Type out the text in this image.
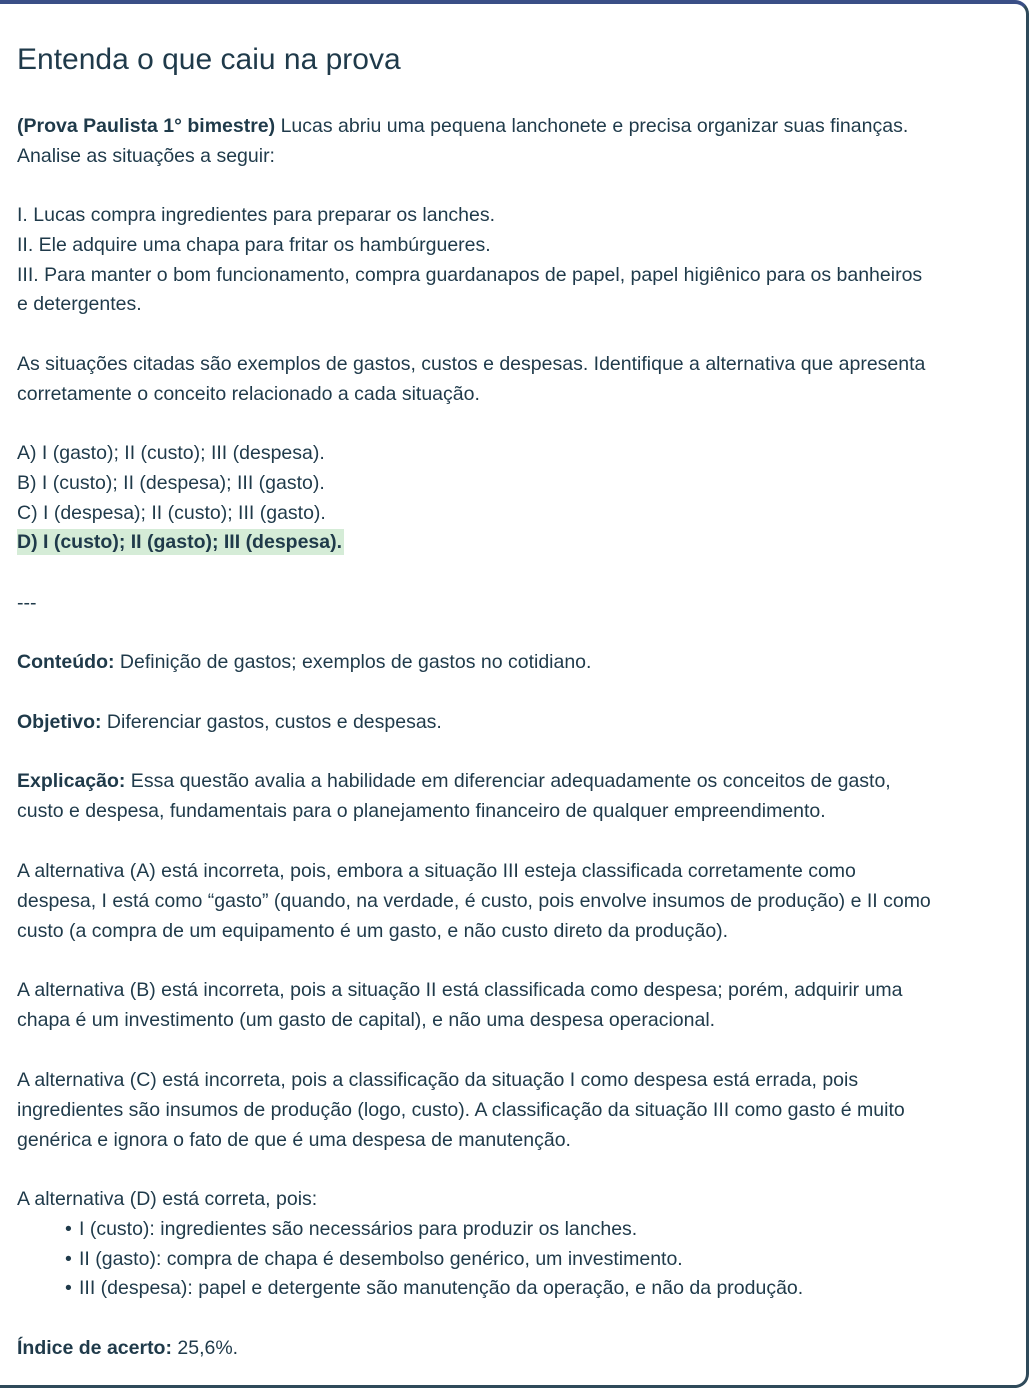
Entenda o que caiu na prova
(Prova Paulista 1° bimestre) Lucas abriu uma pequena lanchonete e precisa organizar suas finanças.
Analise as situações a seguir:
I. Lucas compra ingredientes para preparar os lanches.
II. Ele adquire uma chapa para fritar os hambúrgueres.
III. Para manter o bom funcionamento, compra guardanapos de papel, papel higiênico para os banheiros
e detergentes.
As situações citadas são exemplos de gastos, custos e despesas. Identifique a alternativa que apresenta
corretamente o conceito relacionado a cada situação.
A) I (gasto); II (custo); III (despesa).
B) I (custo); II (despesa); III (gasto).
C) I (despesa); II (custo); III (gasto).
D) I (custo); II (gasto); III (despesa).
---
Conteúdo: Definição de gastos; exemplos de gastos no cotidiano.
Objetivo: Diferenciar gastos, custos e despesas.
Explicação: Essa questão avalia a habilidade em diferenciar adequadamente os conceitos de gasto,
custo e despesa, fundamentais para o planejamento financeiro de qualquer empreendimento.
A alternativa (A) está incorreta, pois, embora a situação III esteja classificada corretamente como
despesa, I está como “gasto” (quando, na verdade, é custo, pois envolve insumos de produção) e II como
custo (a compra de um equipamento é um gasto, e não custo direto da produção).
A alternativa (B) está incorreta, pois a situação II está classificada como despesa; porém, adquirir uma
chapa é um investimento (um gasto de capital), e não uma despesa operacional.
A alternativa (C) está incorreta, pois a classificação da situação I como despesa está errada, pois
ingredientes são insumos de produção (logo, custo). A classificação da situação III como gasto é muito
genérica e ignora o fato de que é uma despesa de manutenção.
A alternativa (D) está correta, pois:
• I (custo): ingredientes são necessários para produzir os lanches.
• II (gasto): compra de chapa é desembolso genérico, um investimento.
• III (despesa): papel e detergente são manutenção da operação, e não da produção.
Índice de acerto: 25,6%.
